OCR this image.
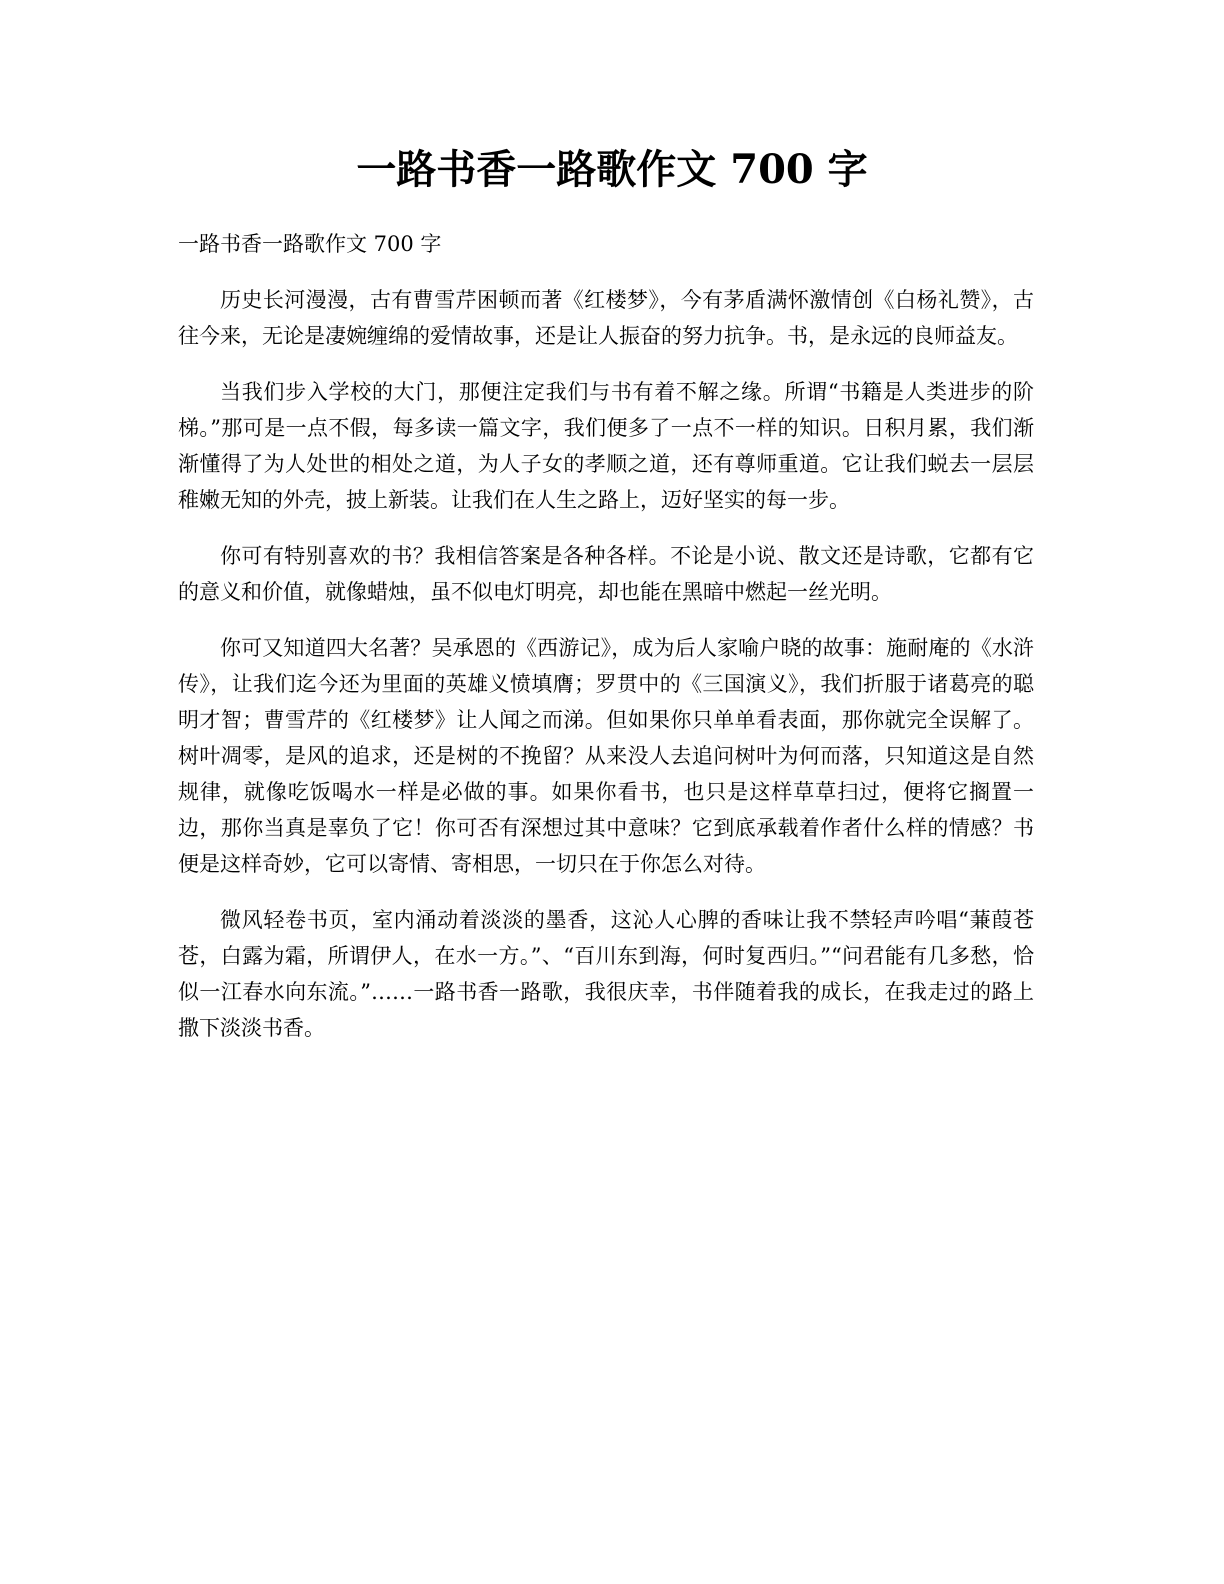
一路书香一路歌作文 700 字

一路书香一路歌作文 700 字

历史长河漫漫，古有曹雪芹困顿而著《红楼梦》，今有茅盾满怀激情创《白杨礼赞》，古往今来，无论是凄婉缠绵的爱情故事，还是让人振奋的努力抗争。书，是永远的良师益友。

当我们步入学校的大门，那便注定我们与书有着不解之缘。所谓“书籍是人类进步的阶梯。”那可是一点不假，每多读一篇文字，我们便多了一点不一样的知识。日积月累，我们渐渐懂得了为人处世的相处之道，为人子女的孝顺之道，还有尊师重道。它让我们蜕去一层层稚嫩无知的外壳，披上新装。让我们在人生之路上，迈好坚实的每一步。

你可有特别喜欢的书？我相信答案是各种各样。不论是小说、散文还是诗歌，它都有它的意义和价值，就像蜡烛，虽不似电灯明亮，却也能在黑暗中燃起一丝光明。

你可又知道四大名著？吴承恩的《西游记》，成为后人家喻户晓的故事：施耐庵的《水浒传》，让我们迄今还为里面的英雄义愤填膺；罗贯中的《三国演义》，我们折服于诸葛亮的聪明才智；曹雪芹的《红楼梦》让人闻之而涕。但如果你只单单看表面，那你就完全误解了。树叶凋零，是风的追求，还是树的不挽留？从来没人去追问树叶为何而落，只知道这是自然规律，就像吃饭喝水一样是必做的事。如果你看书，也只是这样草草扫过，便将它搁置一边，那你当真是辜负了它！你可否有深想过其中意味？它到底承载着作者什么样的情感？书便是这样奇妙，它可以寄情、寄相思，一切只在于你怎么对待。

微风轻卷书页，室内涌动着淡淡的墨香，这沁人心脾的香味让我不禁轻声吟唱“蒹葭苍苍，白露为霜，所谓伊人，在水一方。”、“百川东到海，何时复西归。”“问君能有几多愁，恰似一江春水向东流。”……一路书香一路歌，我很庆幸，书伴随着我的成长，在我走过的路上撒下淡淡书香。
